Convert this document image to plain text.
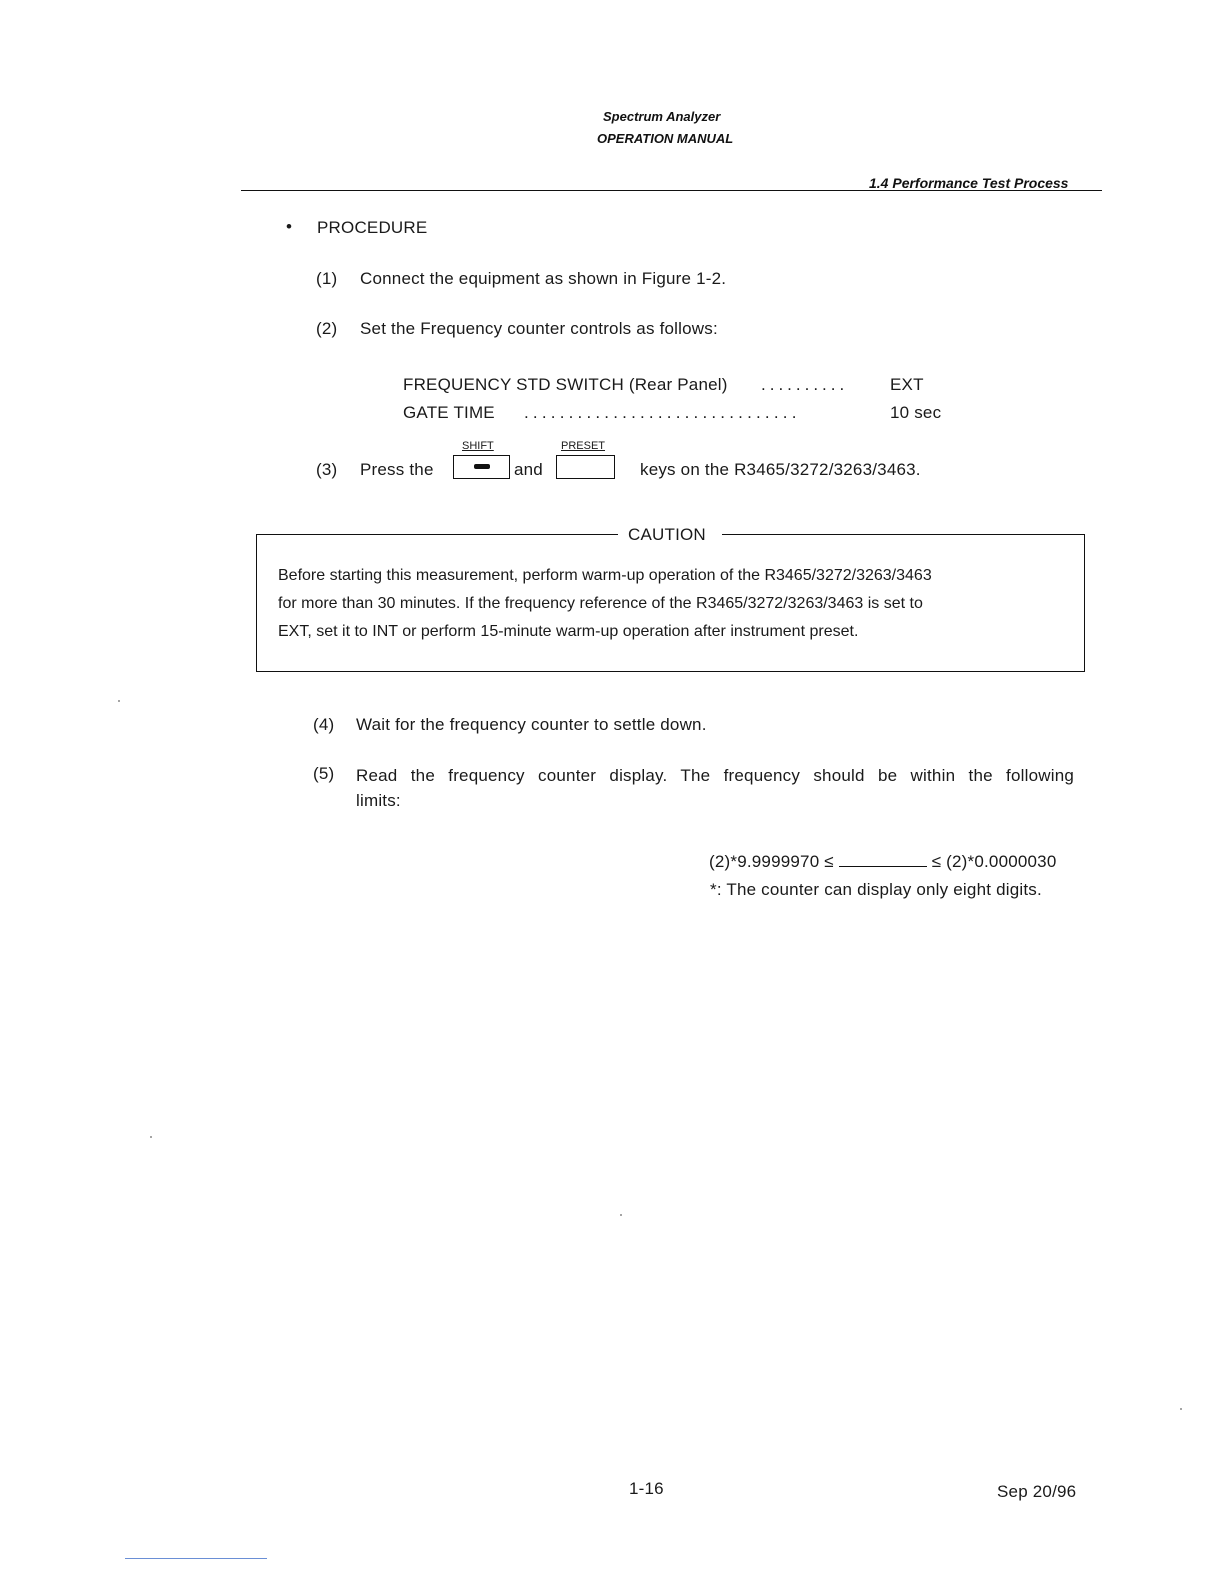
Spectrum Analyzer
OPERATION MANUAL
1.4 Performance Test Process
• PROCEDURE
(1) Connect the equipment as shown in Figure 1-2.
(2) Set the Frequency counter controls as follows:
FREQUENCY STD SWITCH (Rear Panel) .......... EXT
GATE TIME ...............................	10 sec
(3) Press the
SHIFT
and
PRESET
keys on the R3465/3272/3263/3463.
CAUTION
Before starting this measurement, perform warm-up operation of the R3465/3272/3263/3463
for more than 30 minutes. If the frequency reference of the R3465/3272/3263/3463 is set to
EXT, set it to INT or perform 15-minute warm-up operation after instrument preset.
(4) Wait for the frequency counter to settle down.
(5) Read the frequency counter display. The frequency should be within the following
limits:
(2)*9.9999970 ≤	≤ (2)*0.0000030
*: The counter can display only eight digits.
1-16	Sep 20/96
